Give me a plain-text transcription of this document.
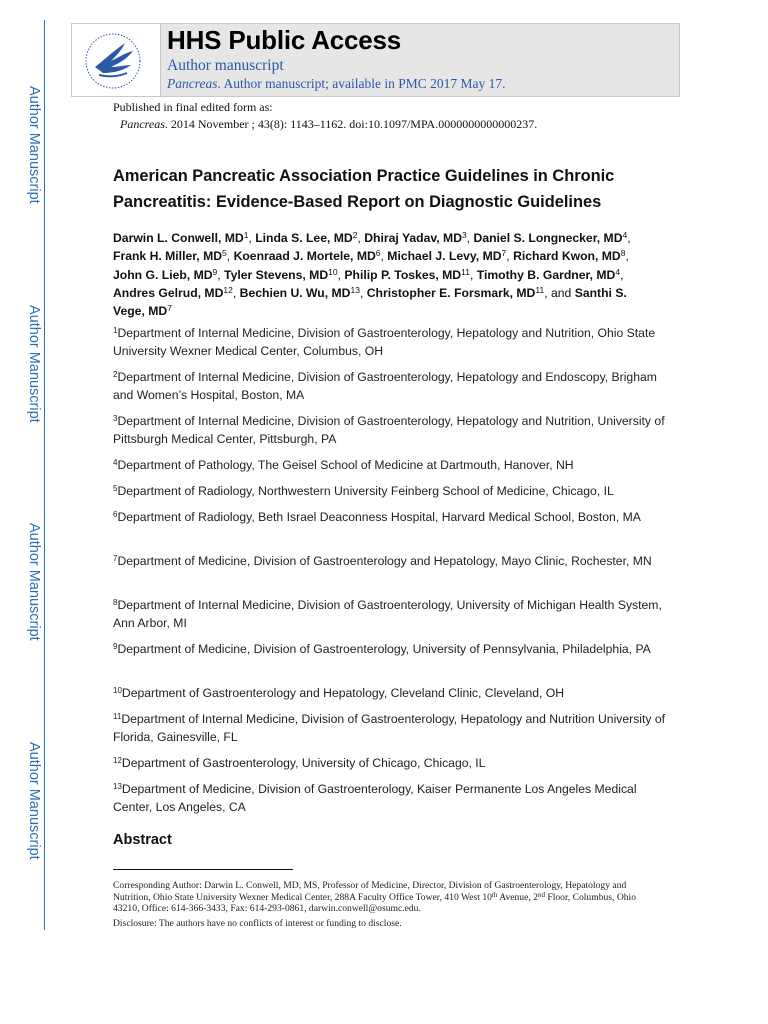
Author Manuscript
Author Manuscript
Author Manuscript
Author Manuscript
HHS Public Access
Author manuscript
Pancreas. Author manuscript; available in PMC 2017 May 17.
Published in final edited form as:
Pancreas. 2014 November ; 43(8): 1143–1162. doi:10.1097/MPA.0000000000000237.
American Pancreatic Association Practice Guidelines in Chronic Pancreatitis: Evidence-Based Report on Diagnostic Guidelines
Darwin L. Conwell, $MD^1$, Linda S. Lee, $MD^2$, Dhiraj Yadav, $MD^3$, Daniel S. Longnecker, $MD^4$, Frank H. Miller, $MD^5$, Koenraad J. Mortele, $MD^6$, Michael J. Levy, $MD^7$, Richard Kwon, $MD^8$, John G. Lieb, $MD^9$, Tyler Stevens, MD$^{10}$, Philip P. Toskes, MD$^{11}$, Timothy B. Gardner, $MD^4$, Andres Gelrud, MD$^{12}$, Bechien U. Wu, MD$^{13}$, Christopher E. Forsmark, MD$^{11}$, and Santhi S. Vege, $MD^7$
$^1$Department of Internal Medicine, Division of Gastroenterology, Hepatology and Nutrition, Ohio State University Wexner Medical Center, Columbus, OH
$^2$Department of Internal Medicine, Division of Gastroenterology, Hepatology and Endoscopy, Brigham and Women’s Hospital, Boston, MA
$^3$Department of Internal Medicine, Division of Gastroenterology, Hepatology and Nutrition, University of Pittsburgh Medical Center, Pittsburgh, PA
$^4$Department of Pathology, The Geisel School of Medicine at Dartmouth, Hanover, NH
$^5$Department of Radiology, Northwestern University Feinberg School of Medicine, Chicago, IL
$^6$Department of Radiology, Beth Israel Deaconness Hospital, Harvard Medical School, Boston, MA
$^7$Department of Medicine, Division of Gastroenterology and Hepatology, Mayo Clinic, Rochester, MN
$^8$Department of Internal Medicine, Division of Gastroenterology, University of Michigan Health System, Ann Arbor, MI
$^9$Department of Medicine, Division of Gastroenterology, University of Pennsylvania, Philadelphia, PA
$^{10}$Department of Gastroenterology and Hepatology, Cleveland Clinic, Cleveland, OH
$^{11}$Department of Internal Medicine, Division of Gastroenterology, Hepatology and Nutrition University of Florida, Gainesville, FL
$^{12}$Department of Gastroenterology, University of Chicago, Chicago, IL
$^{13}$Department of Medicine, Division of Gastroenterology, Kaiser Permanente Los Angeles Medical Center, Los Angeles, CA
Abstract
Corresponding Author: Darwin L. Conwell, MD, MS, Professor of Medicine, Director, Division of Gastroenterology, Hepatology and Nutrition, Ohio State University Wexner Medical Center, 288A Faculty Office Tower, 410 West 10th Avenue, 2nd Floor, Columbus, Ohio 43210, Office: 614-366-3433, Fax: 614-293-0861, darwin.conwell@osumc.edu.
Disclosure: The authors have no conflicts of interest or funding to disclose.
